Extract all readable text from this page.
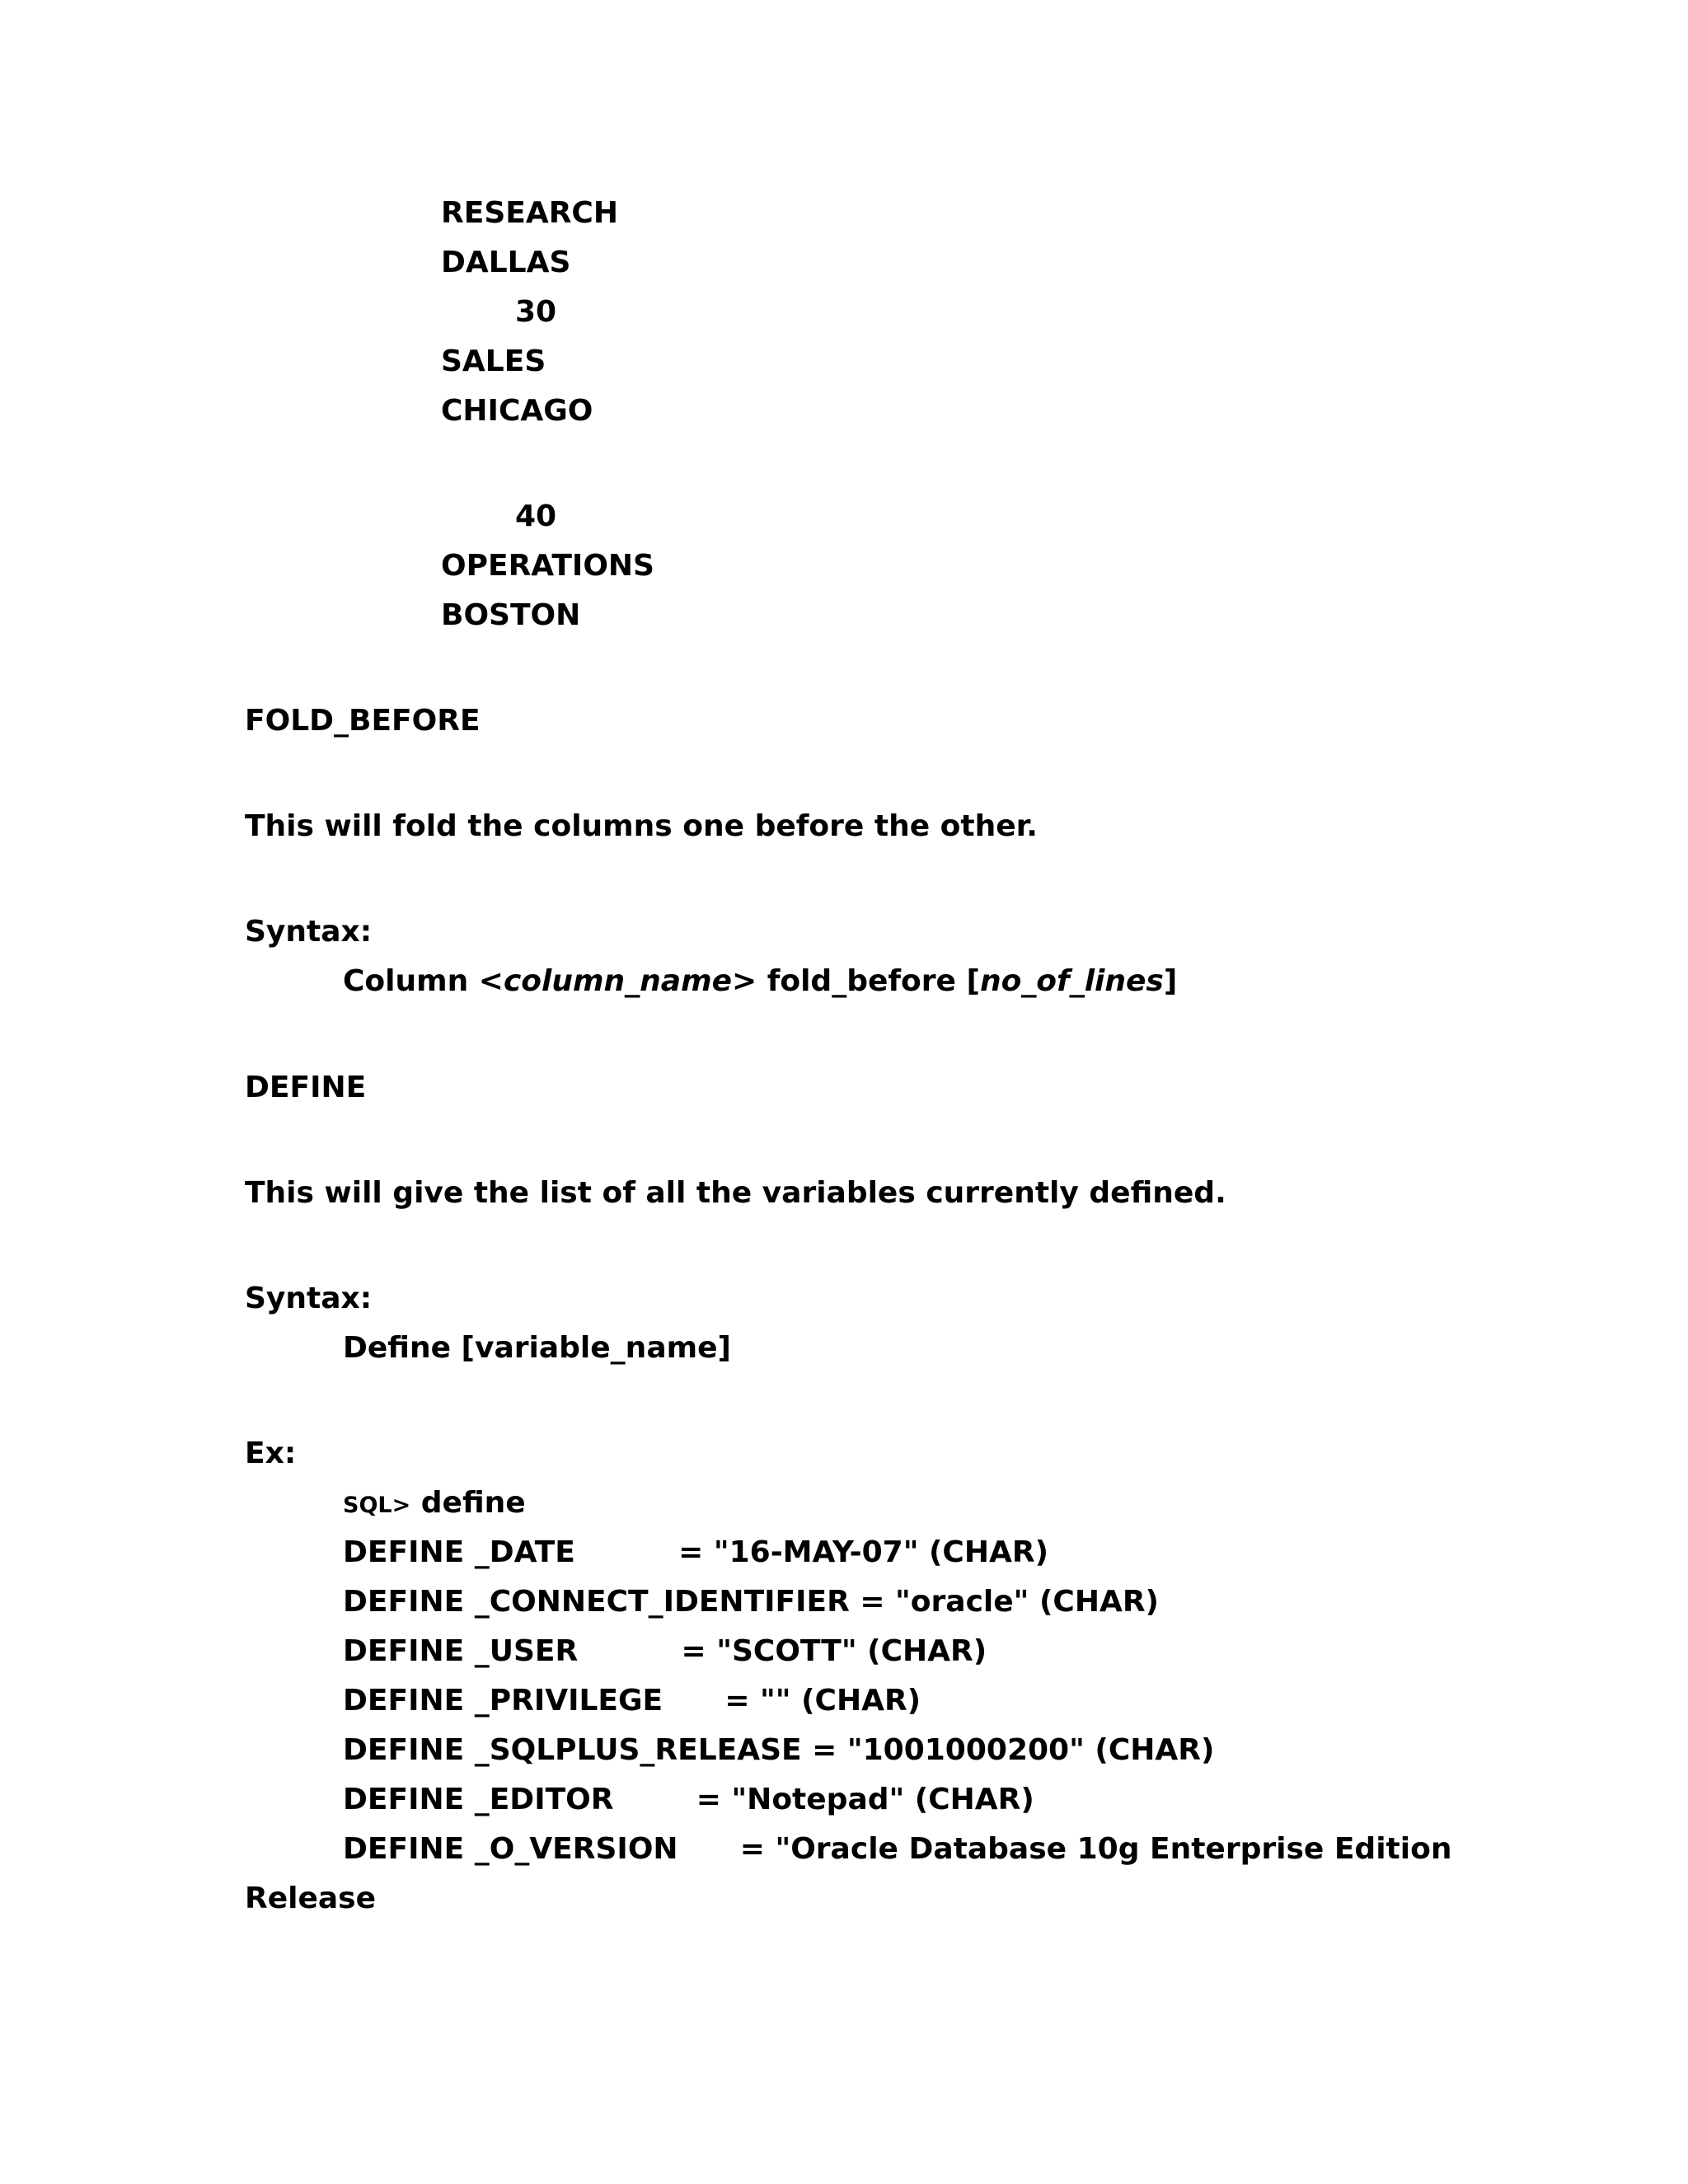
RESEARCH
DALLAS
30
SALES
CHICAGO
40
OPERATIONS
BOSTON
FOLD_BEFORE
This will fold the columns one before the other.
Syntax:
Column <column_name> fold_before [no_of_lines]
DEFINE
This will give the list of all the variables currently defined.
Syntax:
Define [variable_name]
Ex:
SQL> define
DEFINE _DATE          = "16-MAY-07" (CHAR)
DEFINE _CONNECT_IDENTIFIER = "oracle" (CHAR)
DEFINE _USER          = "SCOTT" (CHAR)
DEFINE _PRIVILEGE      = "" (CHAR)
DEFINE _SQLPLUS_RELEASE = "1001000200" (CHAR)
DEFINE _EDITOR        = "Notepad" (CHAR)
DEFINE _O_VERSION      = "Oracle Database 10g Enterprise Edition
Release
